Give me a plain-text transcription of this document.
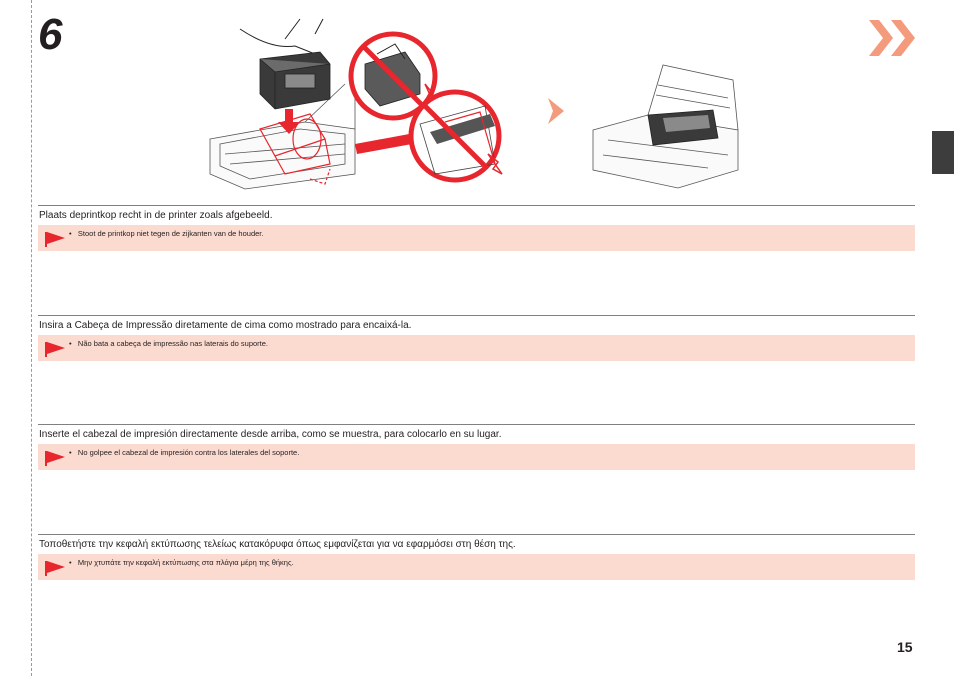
6
Plaats deprintkop recht in de printer zoals afgebeeld.
• Stoot de printkop niet tegen de zijkanten van de houder.
Insira a Cabeça de Impressão diretamente de cima como mostrado para encaixá-la.
• Não bata a cabeça de impressão nas laterais do suporte.
Inserte el cabezal de impresión directamente desde arriba, como se muestra, para colocarlo en su lugar.
• No golpee el cabezal de impresión contra los laterales del soporte.
Τοποθετήστε την κεφαλή εκτύπωσης τελείως κατακόρυφα όπως εμφανίζεται για να εφαρμόσει στη θέση της.
• Μην χτυπάτε την κεφαλή εκτύπωσης στα πλάγια μέρη της θήκης.
15
